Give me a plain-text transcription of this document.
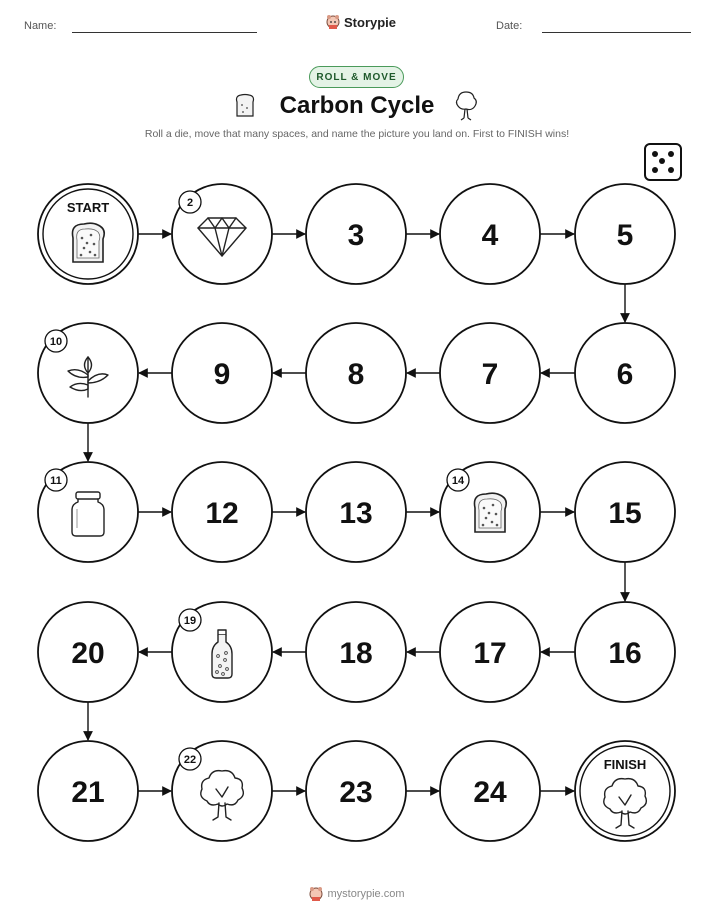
Name:	Storypie	Date:
ROLL & MOVE
Carbon Cycle
Roll a die, move that many spaces, and name the picture you land on. First to FINISH wins!
START	2
3	4	5
6
7
8
9
10
11
12	13
14
15
16
17
18
19
20
21
22
23	24
FINISH
mystorypie.com
